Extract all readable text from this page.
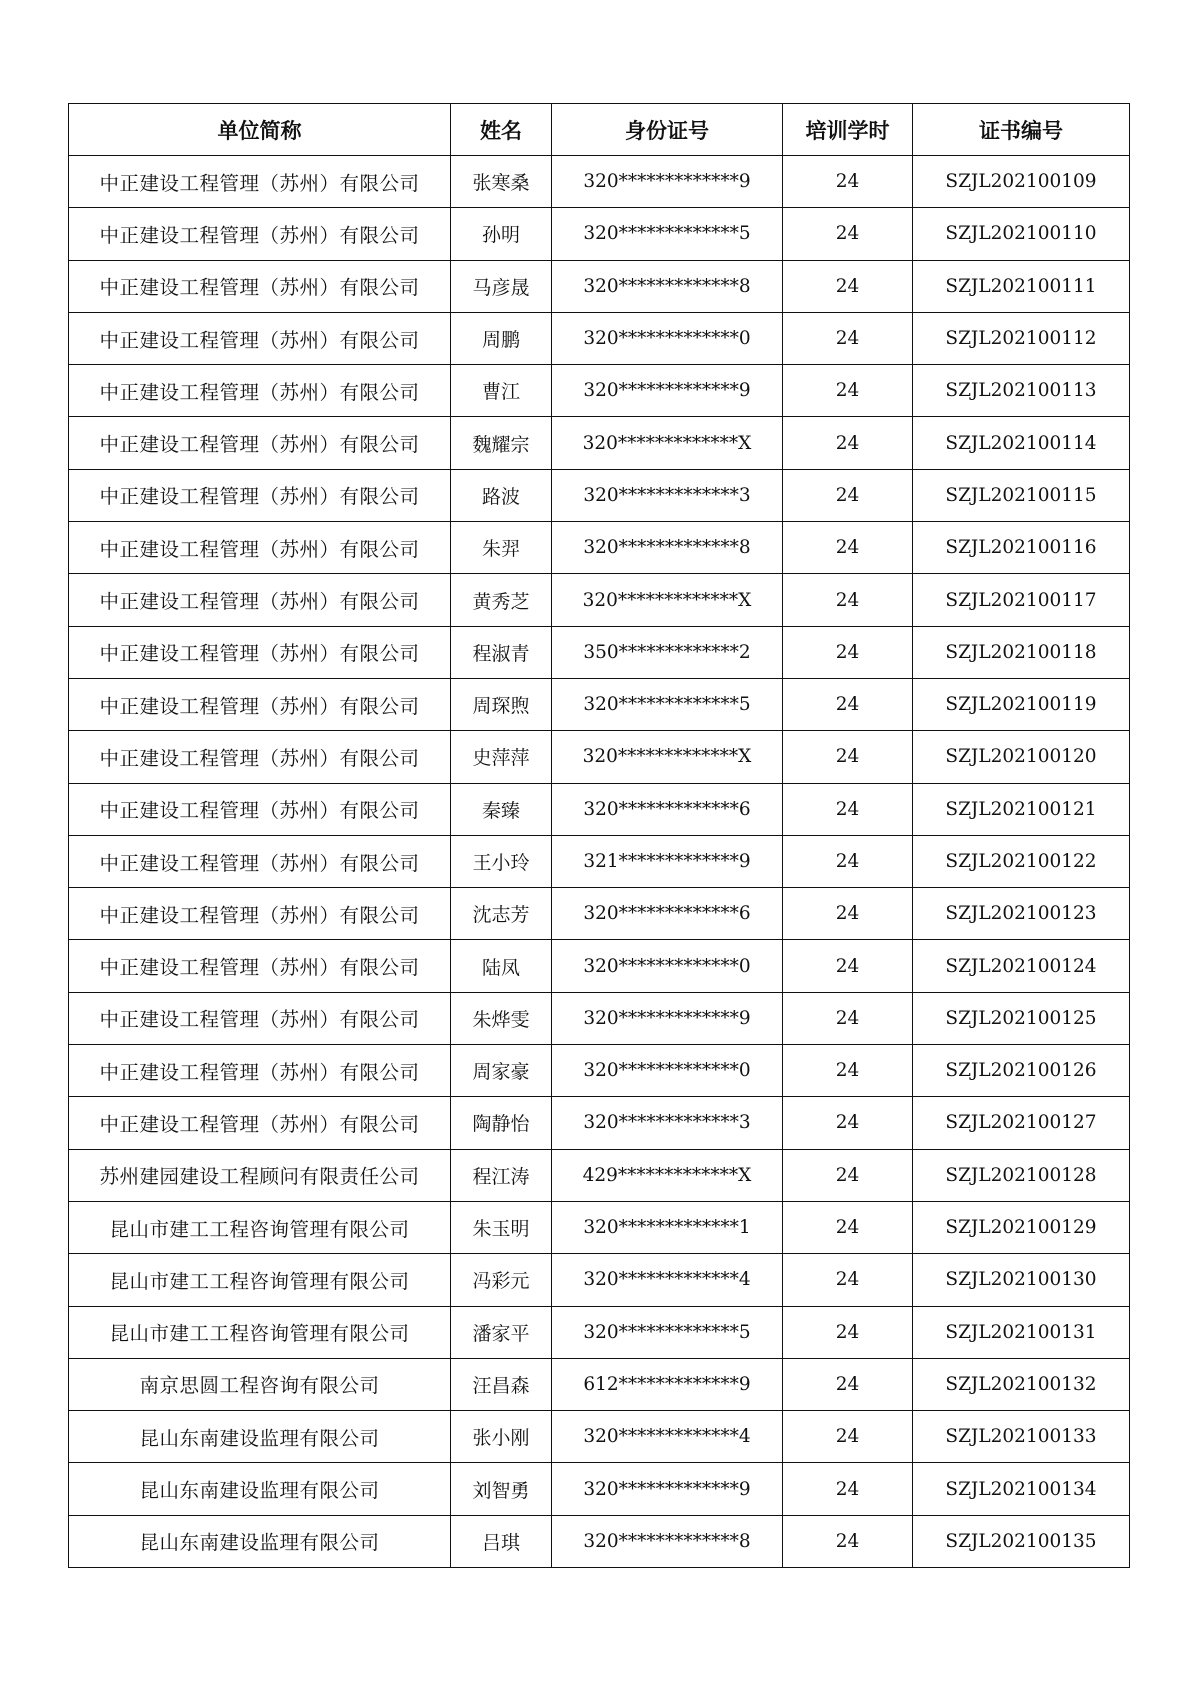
单位简称	姓名	身份证号	培训学时	证书编号
中正建设工程管理（苏州）有限公司	张寒桑	320*************9	24	SZJL202100109
中正建设工程管理（苏州）有限公司	孙明	320*************5	24	SZJL202100110
中正建设工程管理（苏州）有限公司	马彦晟	320*************8	24	SZJL202100111
中正建设工程管理（苏州）有限公司	周鹏	320*************0	24	SZJL202100112
中正建设工程管理（苏州）有限公司	曹江	320*************9	24	SZJL202100113
中正建设工程管理（苏州）有限公司	魏耀宗	320*************X	24	SZJL202100114
中正建设工程管理（苏州）有限公司	路波	320*************3	24	SZJL202100115
中正建设工程管理（苏州）有限公司	朱羿	320*************8	24	SZJL202100116
中正建设工程管理（苏州）有限公司	黄秀芝	320*************X	24	SZJL202100117
中正建设工程管理（苏州）有限公司	程淑青	350*************2	24	SZJL202100118
中正建设工程管理（苏州）有限公司	周琛煦	320*************5	24	SZJL202100119
中正建设工程管理（苏州）有限公司	史萍萍	320*************X	24	SZJL202100120
中正建设工程管理（苏州）有限公司	秦臻	320*************6	24	SZJL202100121
中正建设工程管理（苏州）有限公司	王小玲	321*************9	24	SZJL202100122
中正建设工程管理（苏州）有限公司	沈志芳	320*************6	24	SZJL202100123
中正建设工程管理（苏州）有限公司	陆凤	320*************0	24	SZJL202100124
中正建设工程管理（苏州）有限公司	朱烨雯	320*************9	24	SZJL202100125
中正建设工程管理（苏州）有限公司	周家豪	320*************0	24	SZJL202100126
中正建设工程管理（苏州）有限公司	陶静怡	320*************3	24	SZJL202100127
苏州建园建设工程顾问有限责任公司	程江涛	429*************X	24	SZJL202100128
昆山市建工工程咨询管理有限公司	朱玉明	320*************1	24	SZJL202100129
昆山市建工工程咨询管理有限公司	冯彩元	320*************4	24	SZJL202100130
昆山市建工工程咨询管理有限公司	潘家平	320*************5	24	SZJL202100131
南京思圆工程咨询有限公司	汪昌森	612*************9	24	SZJL202100132
昆山东南建设监理有限公司	张小刚	320*************4	24	SZJL202100133
昆山东南建设监理有限公司	刘智勇	320*************9	24	SZJL202100134
昆山东南建设监理有限公司	吕琪	320*************8	24	SZJL202100135
